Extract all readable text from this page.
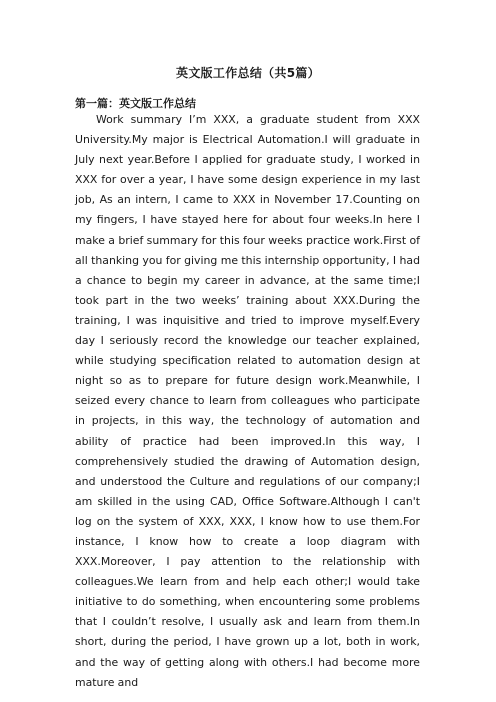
英文版工作总结（共5篇）
第一篇：英文版工作总结

Work summary I’m XXX, a graduate student from XXX University.My major is Electrical Automation.I will graduate in July next year.Before I applied for graduate study, I worked in XXX for over a year, I have some design experience in my last job, As an intern, I came to XXX in November 17.Counting on my fingers, I have stayed here for about four weeks.In here I make a brief summary for this four weeks practice work.First of all thanking you for giving me this internship opportunity, I had a chance to begin my career in advance, at the same time;I took part in the two weeks’ training about XXX.During the training, I was inquisitive and tried to improve myself.Every day I seriously record the knowledge our teacher explained, while studying specification related to automation design at night so as to prepare for future design work.Meanwhile, I seized every chance to learn from colleagues who participate in projects, in this way, the technology of automation and ability of practice had been improved.In this way, I comprehensively studied the drawing of Automation design, and understood the Culture and regulations of our company;I am skilled in the using CAD, Office Software.Although I can't log on the system of XXX, XXX, I know how to use them.For instance, I know how to create a loop diagram with XXX.Moreover, I pay attention to the relationship with colleagues.We learn from and help each other;I would take initiative to do something, when encountering some problems that I couldn’t resolve, I usually ask and learn from them.In short, during the period, I have grown up a lot, both in work, and the way of getting along with others.I had become more mature and
